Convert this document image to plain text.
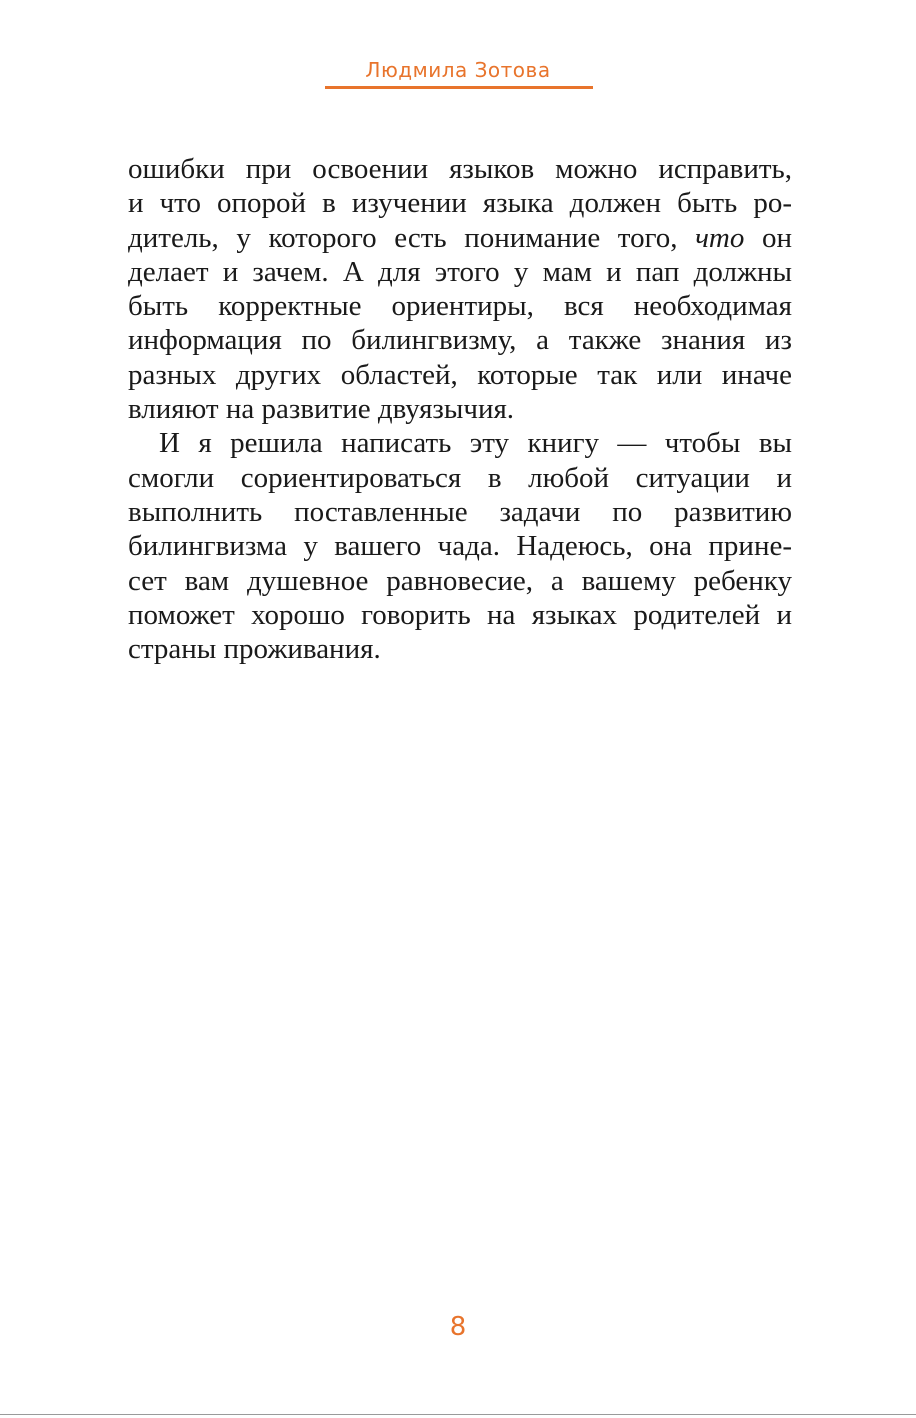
Людмила Зотова
ошибки при освоении языков можно исправить,
и что опорой в изучении языка должен быть ро-
дитель, у которого есть понимание того, что он
делает и зачем. А для этого у мам и пап должны
быть корректные ориентиры, вся необходимая
информация по билингвизму, а также знания из
разных других областей, которые так или иначе
влияют на развитие двуязычия.
И я решила написать эту книгу — чтобы вы
смогли сориентироваться в любой ситуации и
выполнить поставленные задачи по развитию
билингвизма у вашего чада. Надеюсь, она прине-
сет вам душевное равновесие, а вашему ребенку
поможет хорошо говорить на языках родителей и
страны проживания.
8
